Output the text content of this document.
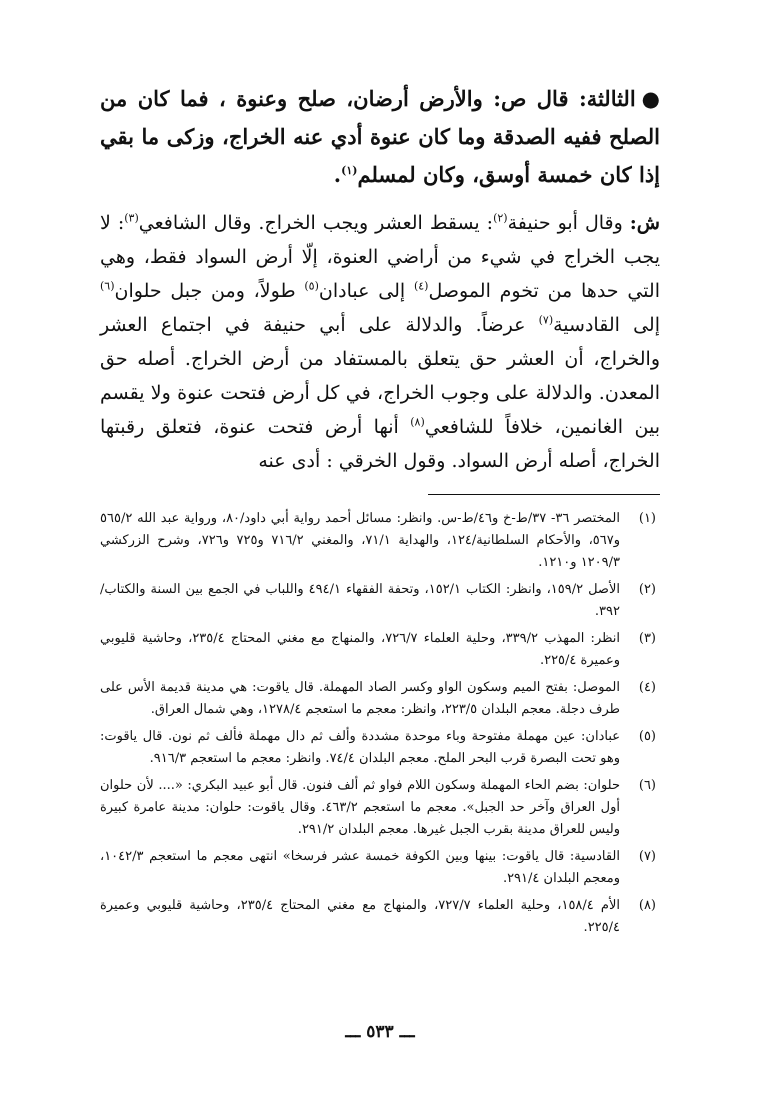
●الثالثة: قال ص: والأرض أرضان، صلح وعنوة ، فما كان من الصلح ففيه الصدقة وما كان عنوة أدي عنه الخراج، وزكى ما بقي إذا كان خمسة أوسق، وكان لمسلم$^{(١)}$.

ش: وقال أبو حنيفة$^{(٢)}$: يسقط العشر ويجب الخراج. وقال الشافعي$^{(٣)}$: لا يجب الخراج في شيء من أراضي العنوة، إلّا أرض السواد فقط، وهي التي حدها من تخوم الموصل$^{(٤)}$ إلى عبادان$^{(٥)}$ طولاً، ومن جبل حلوان$^{(٦)}$ إلى القادسية$^{(٧)}$ عرضاً. والدلالة على أبي حنيفة في اجتماع العشر والخراج، أن العشر حق يتعلق بالمستفاد من أرض الخراج. أصله حق المعدن. والدلالة على وجوب الخراج، في كل أرض فتحت عنوة ولا يقسم بين الغانمين، خلافاً للشافعي$^{(٨)}$ أنها أرض فتحت عنوة، فتعلق رقبتها الخراج، أصله أرض السواد. وقول الخرقي : أدى عنه

(١)
المختصر ٣٦- ٣٧/ط-خ و٤٦/ط-س. وانظر: مسائل أحمد رواية أبي داود/٨٠، ورواية عبد الله ٥٦٥/٢ و٥٦٧، والأحكام السلطانية/١٢٤، والهداية ٧١/١، والمغني ٧١٦/٢ و٧٢٥ و٧٢٦، وشرح الزركشي ١٢٠٩/٣ و١٢١٠.
(٢)
الأصل ١٥٩/٢، وانظر: الكتاب ١٥٢/١، وتحفة الفقهاء ٤٩٤/١ واللباب في الجمع بين السنة والكتاب/٣٩٢.
(٣)
انظر: المهذب ٣٣٩/٢، وحلية العلماء ٧٢٦/٧، والمنهاج مع مغني المحتاج ٢٣٥/٤، وحاشية قليوبي وعميرة ٢٢٥/٤.
(٤)
الموصل: بفتح الميم وسكون الواو وكسر الصاد المهملة. قال ياقوت: هي مدينة قديمة الأس على طرف دجلة. معجم البلدان ٢٢٣/٥، وانظر: معجم ما استعجم ١٢٧٨/٤، وهي شمال العراق.
(٥)
عبادان: عين مهملة مفتوحة وباء موحدة مشددة وألف ثم دال مهملة فألف ثم نون. قال ياقوت: وهو تحت البصرة قرب البحر الملح. معجم البلدان ٧٤/٤. وانظر: معجم ما استعجم ٩١٦/٣.
(٦)
حلوان: بضم الحاء المهملة وسكون اللام فواو ثم ألف فنون. قال أبو عبيد البكري: «.... لأن حلوان أول العراق وآخر حد الجبل». معجم ما استعجم ٤٦٣/٢. وقال ياقوت: حلوان: مدينة عامرة كبيرة وليس للعراق مدينة بقرب الجبل غيرها. معجم البلدان ٢٩١/٢.
(٧)
القادسية: قال ياقوت: بينها وبين الكوفة خمسة عشر فرسخا» انتهى معجم ما استعجم ١٠٤٢/٣، ومعجم البلدان ٢٩١/٤.
(٨)
الأم ١٥٨/٤، وحلية العلماء ٧٢٧/٧، والمنهاج مع مغني المحتاج ٢٣٥/٤، وحاشية قليوبي وعميرة ٢٢٥/٤.
ـــ ٥٣٣ ـــ
